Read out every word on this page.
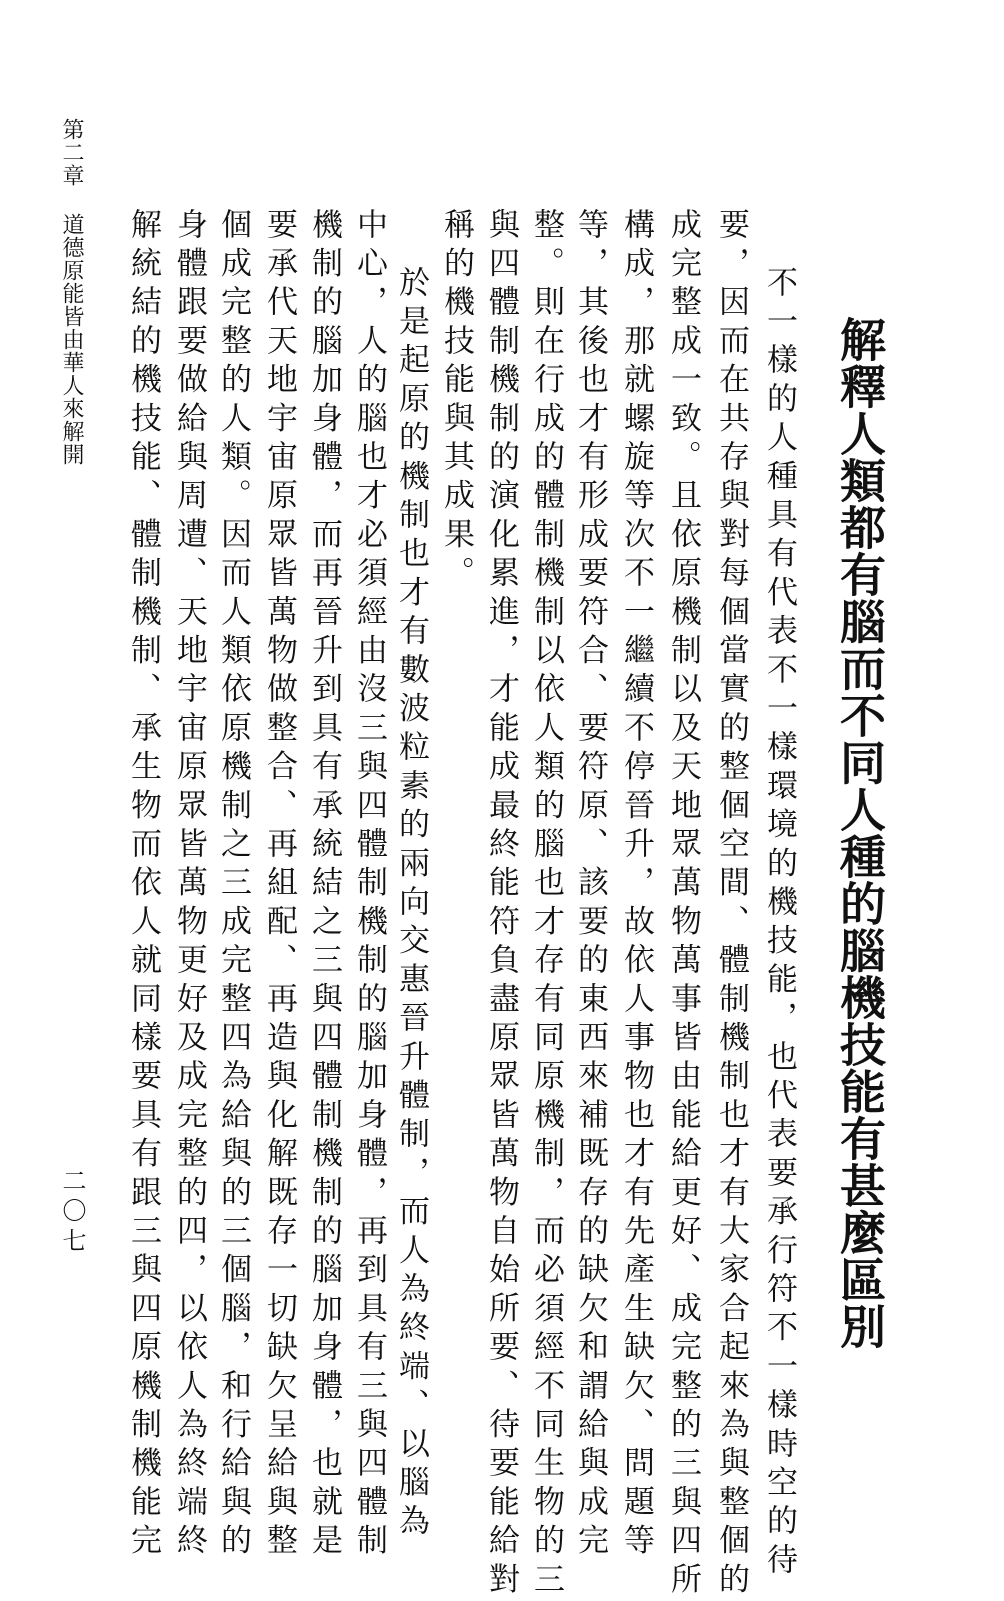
第二章道德原能皆由華人來解開
二〇七	解釋人類都有腦而不同人種的腦機技能有甚麼區別

不一樣的人種具有代表不一樣環境的機技能，也代表要承行符不一樣時空的待

要，因而在共存與對每個當實的整個空間、體制機制也才有大家合起來為與整個的

成完整成一致。且依原機制以及天地眾萬物萬事皆由能給更好、成完整的三與四所

構成，那就螺旋等次不一繼續不停晉升，故依人事物也才有先產生缺欠、問題等

等，其後也才有形成要符合、要符原、該要的東西來補既存的缺欠和謂給與成完

整。則在行成的體制機制以依人類的腦也才存有同原機制，而必須經不同生物的三

與四體制機制的演化累進，才能成最終能符負盡原眾皆萬物自始所要、待要能給對

稱的機技能與其成果。

於是起原的機制也才有數波粒素的兩向交惠晉升體制，而人為終端、以腦為

中心，人的腦也才必須經由沒三與四體制機制的腦加身體，再到具有三與四體制

機制的腦加身體，而再晉升到具有承統結之三與四體制機制的腦加身體，也就是

要承代天地宇宙原眾皆萬物做整合、再組配、再造與化解既存一切缺欠呈給與整

個成完整的人類。因而人類依原機制之三成完整四為給與的三個腦，和行給與的

身體跟要做給與周遭、天地宇宙原眾皆萬物更好及成完整的四，以依人為終端終

解統結的機技能、體制機制、承生物而依人就同樣要具有跟三與四原機制機能完
